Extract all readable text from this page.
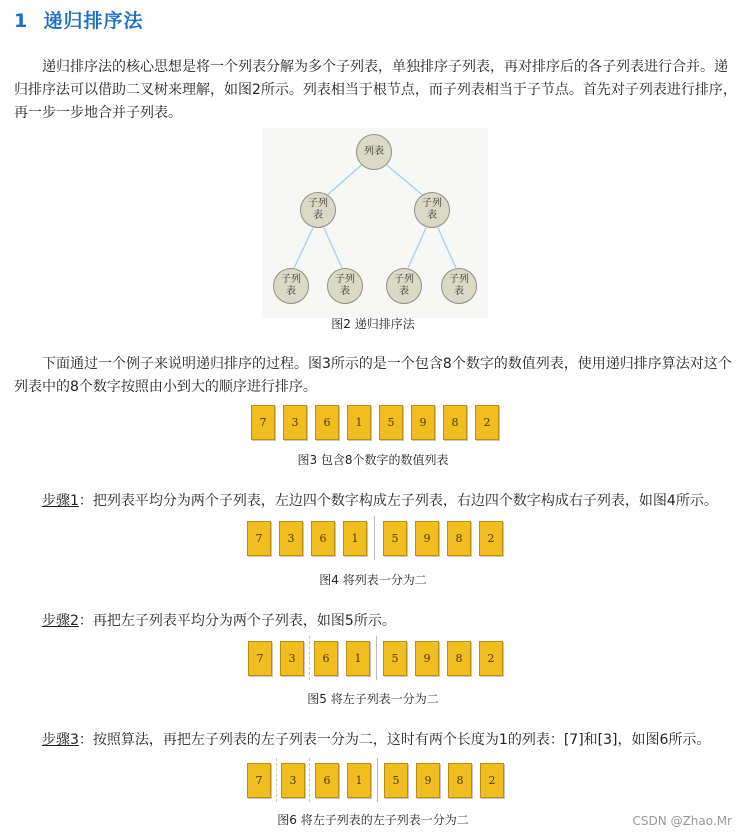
1 递归排序法
递归排序法的核心思想是将一个列表分解为多个子列表，单独排序子列表，再对排序后的各子列表进行合并。递归排序法可以借助二叉树来理解，如图2所示。列表相当于根节点，而子列表相当于子节点。首先对子列表进行排序，再一步一步地合并子列表。
列表
子列
表
子列
表
子列
表
子列
表
子列
表
子列
表
图2 递归排序法
下面通过一个例子来说明递归排序的过程。图3所示的是一个包含8个数字的数值列表，使用递归排序算法对这个列表中的8个数字按照由小到大的顺序进行排序。
7	3	6	1	5	9	8	2
图3 包含8个数字的数值列表
步骤1：把列表平均分为两个子列表，左边四个数字构成左子列表，右边四个数字构成右子列表，如图4所示。
7	3	6	1	5	9	8	2
图4 将列表一分为二
步骤2：再把左子列表平均分为两个子列表，如图5所示。
7	3	6	1	5	9	8	2
图5 将左子列表一分为二
步骤3：按照算法，再把左子列表的左子列表一分为二，这时有两个长度为1的列表：[7]和[3]，如图6所示。
7	3	6	1	5	9	8	2
图6 将左子列表的左子列表一分为二	CSDN @Zhao.Mr
